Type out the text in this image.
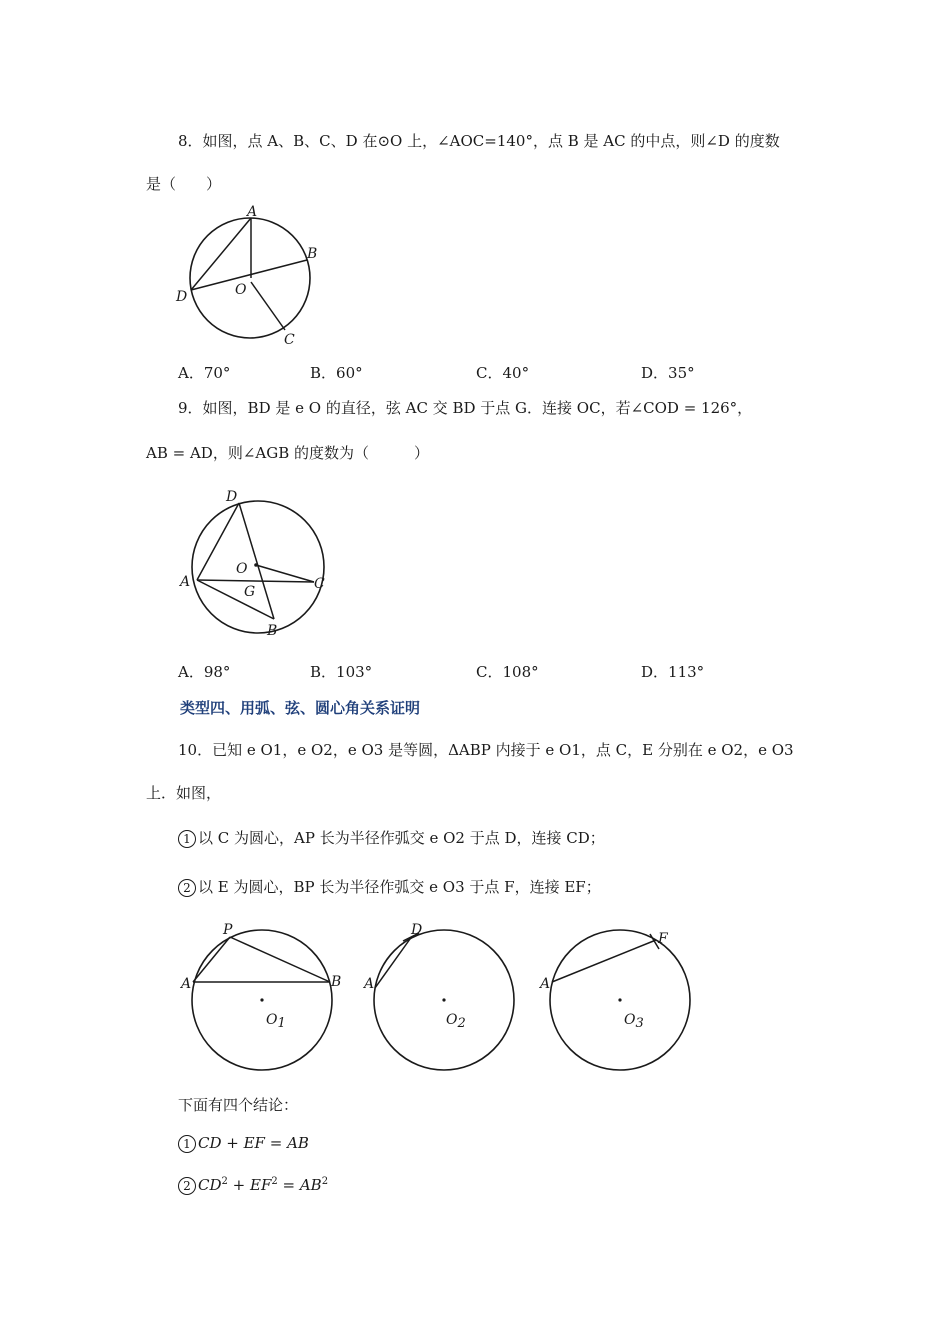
8．如图，点 A、B、C、D 在⊙O 上，∠AOC=140°，点 B 是 AC 的中点，则∠D 的度数
是（　　）
A
B
C
D	O
A．70°	B．60°	C．40°	D．35°
9．如图，BD 是 e O 的直径，弦 AC 交 BD 于点 G．连接 OC，若∠COD = 126°，
AB = AD，则∠AGB 的度数为（　　　）
D
A	C
O
G
B
A．98°	B．103°	C．108°	D．113°
类型四、用弧、弦、圆心角关系证明
10．已知 e O1，e O2，e O3 是等圆，ΔABP 内接于 e O1，点 C，E 分别在 e O2，e O3
上．如图，
1 以 C 为圆心，AP 长为半径作弧交 e O2 于点 D，连接 CD；
2 以 E 为圆心，BP 长为半径作弧交 e O3 于点 F，连接 EF；
P
A	B
O1
D
A
O2
F
A
O3
下面有四个结论：
1 CD + EF = AB
2 $CD^2 + EF^2 = AB^2$
